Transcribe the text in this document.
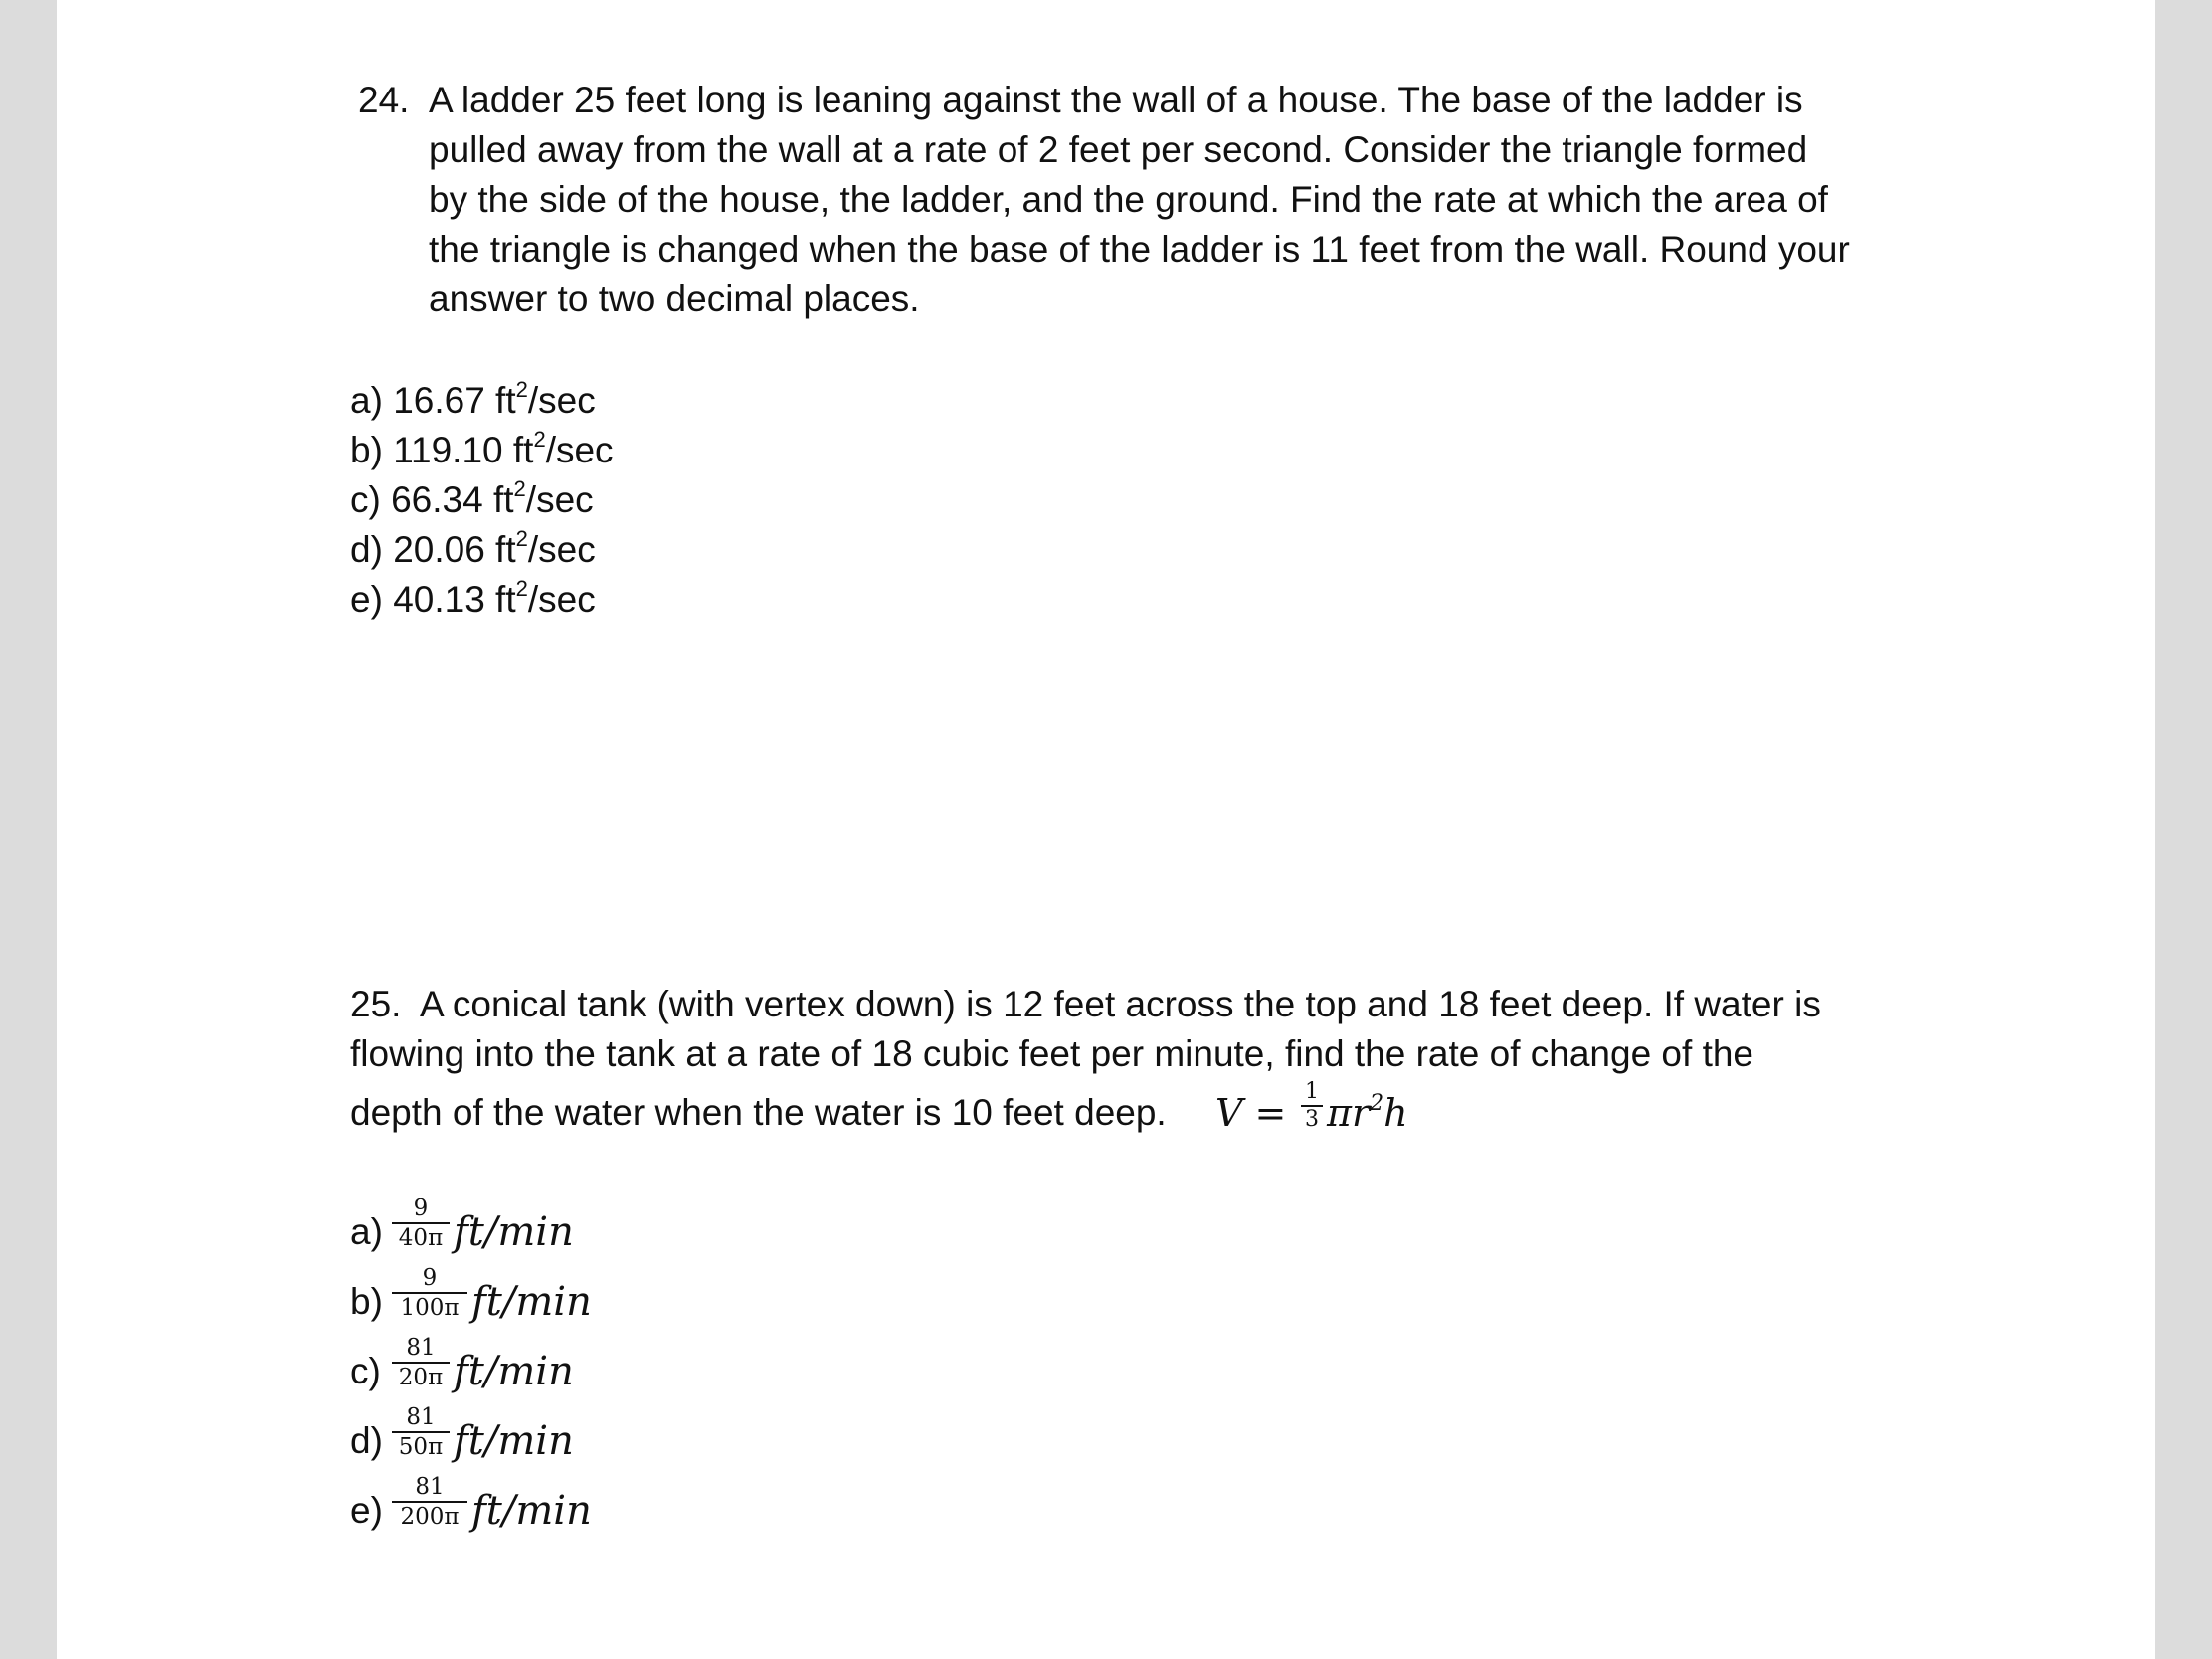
24. A ladder 25 feet long is leaning against the wall of a house. The base of the ladder is
pulled away from the wall at a rate of 2 feet per second. Consider the triangle formed
by the side of the house, the ladder, and the ground. Find the rate at which the area of
the triangle is changed when the base of the ladder is 11 feet from the wall. Round your
answer to two decimal places.
a) 16.67 $ft^2/\sec$
b) 119.10 $ft^2/\sec$
c) 66.34 $ft^2/\sec$
d) 20.06 $ft^2/\sec$
e) 40.13 $ft^2/\sec$
25. A conical tank (with vertex down) is 12 feet across the top and 18 feet deep. If water is
flowing into the tank at a rate of 18 cubic feet per minute, find the rate of change of the
depth of the water when the water is 10 feet deep. V = 1
3 $\pi r^2h$
a)
9
40π ft/min
b)
9
100π ft/min
c)
81
20π ft/min
d)
81
50π ft/min
e)
81
200π ft/min
